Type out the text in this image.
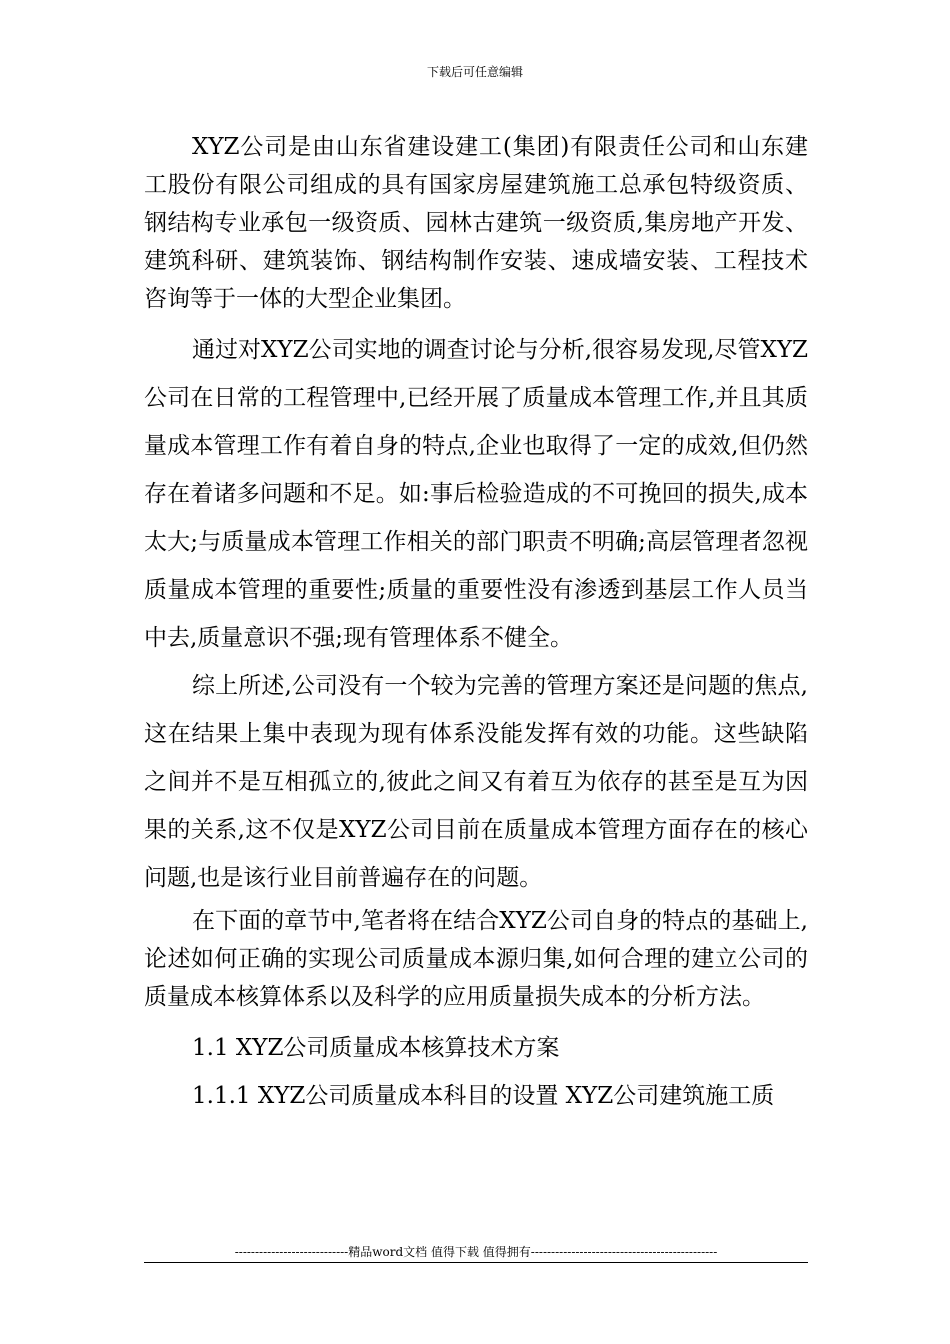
下载后可任意编辑

XYZ公司是由山东省建设建工(集团)有限责任公司和山东建工股份有限公司组成的具有国家房屋建筑施工总承包特级资质、钢结构专业承包一级资质、园林古建筑一级资质,集房地产开发、建筑科研、建筑装饰、钢结构制作安装、速成墙安装、工程技术咨询等于一体的大型企业集团。

通过对XYZ公司实地的调查讨论与分析,很容易发现,尽管XYZ公司在日常的工程管理中,已经开展了质量成本管理工作,并且其质量成本管理工作有着自身的特点,企业也取得了一定的成效,但仍然存在着诸多问题和不足。如:事后检验造成的不可挽回的损失,成本太大;与质量成本管理工作相关的部门职责不明确;高层管理者忽视质量成本管理的重要性;质量的重要性没有渗透到基层工作人员当中去,质量意识不强;现有管理体系不健全。

综上所述,公司没有一个较为完善的管理方案还是问题的焦点,这在结果上集中表现为现有体系没能发挥有效的功能。这些缺陷之间并不是互相孤立的,彼此之间又有着互为依存的甚至是互为因果的关系,这不仅是XYZ公司目前在质量成本管理方面存在的核心问题,也是该行业目前普遍存在的问题。

在下面的章节中,笔者将在结合XYZ公司自身的特点的基础上,论述如何正确的实现公司质量成本源归集,如何合理的建立公司的质量成本核算体系以及科学的应用质量损失成本的分析方法。

1.1 XYZ公司质量成本核算技术方案

1.1.1 XYZ公司质量成本科目的设置 XYZ公司建筑施工质

----------------------------精品word文档 值得下载 值得拥有----------------------------------------------
